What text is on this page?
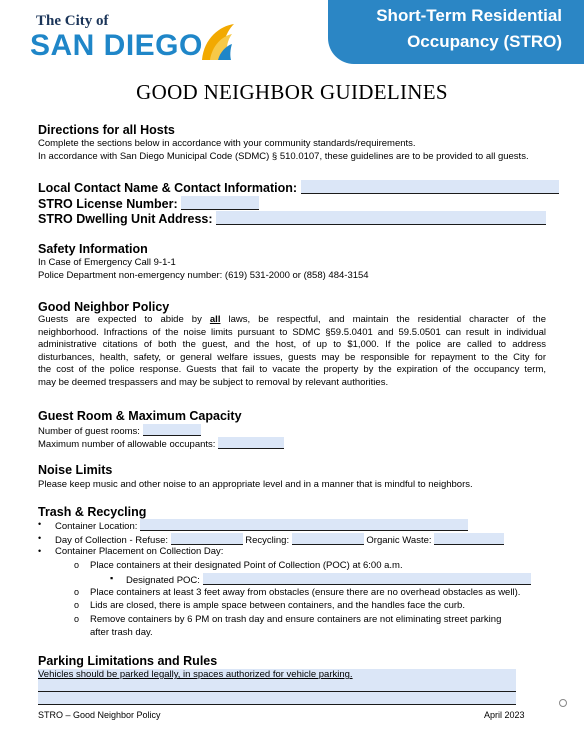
The City of
SAN DIEGO
Short-Term Residential
Occupancy (STRO)
GOOD NEIGHBOR GUIDELINES
Directions for all Hosts
Complete the sections below in accordance with your community standards/requirements.
In accordance with San Diego Municipal Code (SDMC) § 510.0107, these guidelines are to be provided to all guests.
Local Contact Name & Contact Information:
STRO License Number:
STRO Dwelling Unit Address:
Safety Information
In Case of Emergency Call 9-1-1
Police Department non-emergency number: (619) 531-2000 or (858) 484-3154
Good Neighbor Policy
Guests are expected to abide by all laws, be respectful, and maintain the residential character of the
neighborhood. Infractions of the noise limits pursuant to SDMC §59.5.0401 and 59.5.0501 can result in individual
administrative citations of both the guest, and the host, of up to $1,000. If the police are called to address
disturbances, health, safety, or general welfare issues, guests may be responsible for repayment to the City for
the cost of the police response. Guests that fail to vacate the property by the expiration of the occupancy term,
may be deemed trespassers and may be subject to removal by relevant authorities.
Guest Room & Maximum Capacity
Number of guest rooms:
Maximum number of allowable occupants:
Noise Limits
Please keep music and other noise to an appropriate level and in a manner that is mindful to neighbors.
Trash & Recycling
• Container Location:
• Day of Collection - Refuse:	Recycling:	Organic Waste:
• Container Placement on Collection Day:
o Place containers at their designated Point of Collection (POC) at 6:00 a.m.
▪ Designated POC:
o Place containers at least 3 feet away from obstacles (ensure there are no overhead obstacles as well).
o Lids are closed, there is ample space between containers, and the handles face the curb.
o Remove containers by 6 PM on trash day and ensure containers are not eliminating street parking
after trash day.
Parking Limitations and Rules
Vehicles should be parked legally, in spaces authorized for vehicle parking.
STRO – Good Neighbor Policy	April 2023
